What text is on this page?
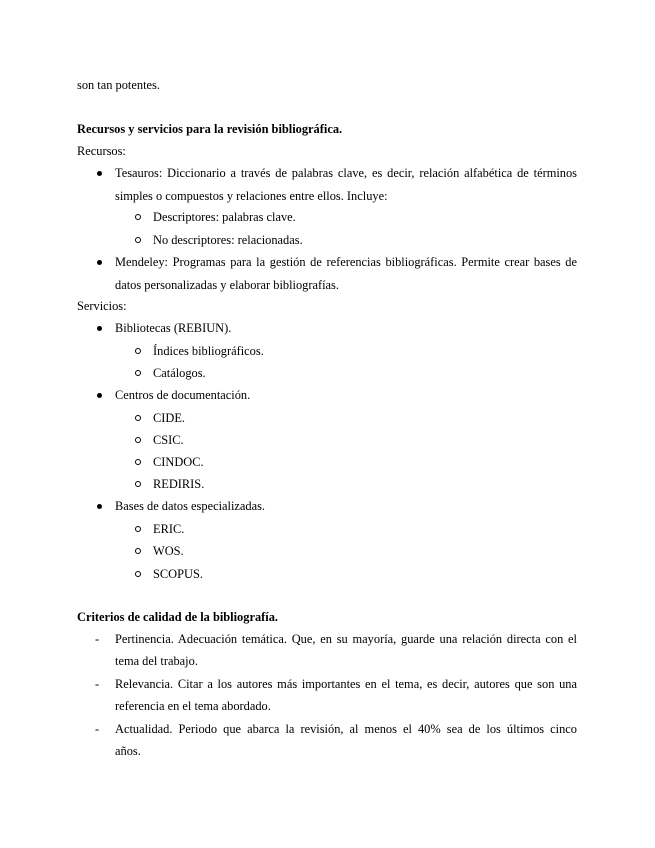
son tan potentes.
Recursos y servicios para la revisión bibliográfica.
Recursos:
Tesauros: Diccionario a través de palabras clave, es decir, relación alfabética de términos
simples o compuestos y relaciones entre ellos. Incluye:
Descriptores: palabras clave.
No descriptores: relacionadas.
Mendeley: Programas para la gestión de referencias bibliográficas. Permite crear bases de
datos personalizadas y elaborar bibliografías.
Servicios:
Bibliotecas (REBIUN).
Índices bibliográficos.
Catálogos.
Centros de documentación.
CIDE.
CSIC.
CINDOC.
REDIRIS.
Bases de datos especializadas.
ERIC.
WOS.
SCOPUS.
Criterios de calidad de la bibliografía.
- Pertinencia. Adecuación temática. Que, en su mayoría, guarde una relación directa con el
tema del trabajo.
- Relevancia. Citar a los autores más importantes en el tema, es decir, autores que son una
referencia en el tema abordado.
- Actualidad. Periodo que abarca la revisión, al menos el 40% sea de los últimos cinco
años.
